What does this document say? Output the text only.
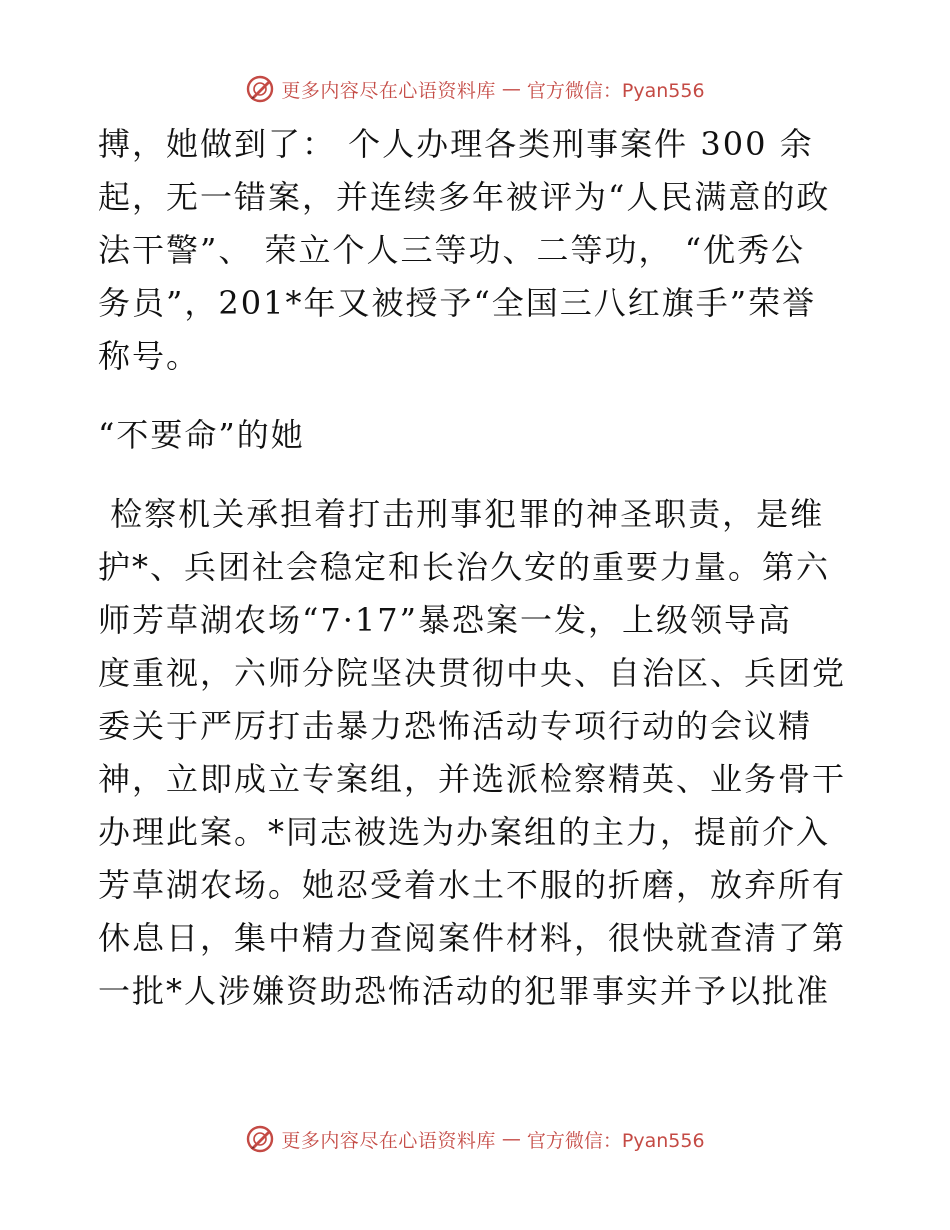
更多内容尽在心语资料库 — 官方微信：Pyan556

搏，她做到了： 个人办理各类刑事案件 300 余

起，无一错案，并连续多年被评为“人民满意的政

法干警”、 荣立个人三等功、二等功， “优秀公

务员”，201*年又被授予“全国三八红旗手”荣誉

称号。

“不要命”的她

检察机关承担着打击刑事犯罪的神圣职责，是维

护*、兵团社会稳定和长治久安的重要力量。第六

师芳草湖农场“7·17”暴恐案一发，上级领导高

度重视，六师分院坚决贯彻中央、自治区、兵团党

委关于严厉打击暴力恐怖活动专项行动的会议精

神，立即成立专案组，并选派检察精英、业务骨干

办理此案。*同志被选为办案组的主力，提前介入

芳草湖农场。她忍受着水土不服的折磨，放弃所有

休息日，集中精力查阅案件材料，很快就查清了第

一批*人涉嫌资助恐怖活动的犯罪事实并予以批准

更多内容尽在心语资料库 — 官方微信：Pyan556
